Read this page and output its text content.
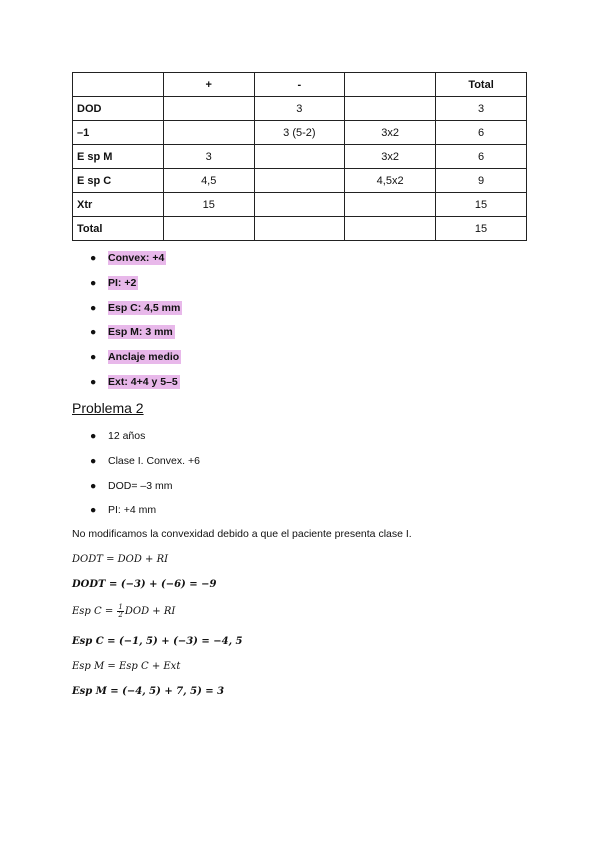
	+	-		Total
DOD		3		3
–1		3 (5-2)	3x2	6
E sp M	3		3x2	6
E sp C	4,5		4,5x2	9
Xtr	15			15
Total				15
● Convex: +4
● PI: +2
● Esp C: 4,5 mm
● Esp M: 3 mm
● Anclaje medio
● Ext: 4+4 y 5–5
Problema 2
● 12 años
● Clase I. Convex. +6
● DOD= –3 mm
● PI: +4 mm

No modificamos la convexidad debido a que el paciente presenta clase I.

DODT = DOD + RI

DODT = (−3) + (−6) = −9

Esp $C = \frac{1}{2}$ DOD + RI

Esp C = (−1, 5) + (−3) = −4, 5

Esp M = Esp C + Ext

Esp M = (−4, 5) + 7, 5) = 3
